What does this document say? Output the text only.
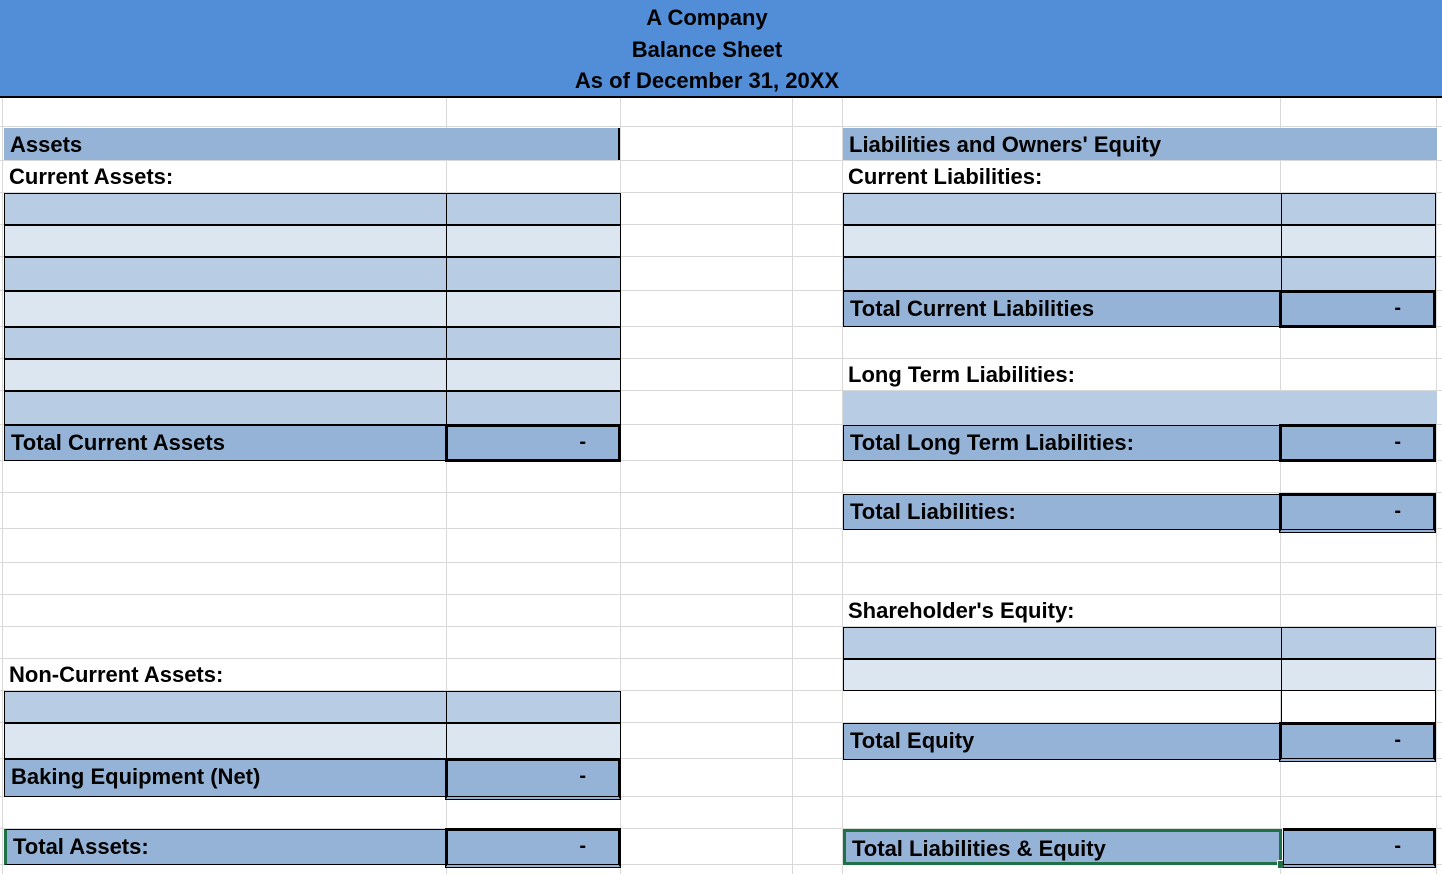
A Company
Balance Sheet
As of December 31, 20XX
Assets
Current Assets:
Total Current Assets	-
Non-Current Assets:
Baking Equipment (Net)	-
Total Assets:	-
Liabilities and Owners' Equity
Current Liabilities:
Total Current Liabilities	-
Long Term Liabilities:
Total Long Term Liabilities:	-
Total Liabilities:	-
Shareholder's Equity:
Total Equity	-
Total Liabilities & Equity	-
